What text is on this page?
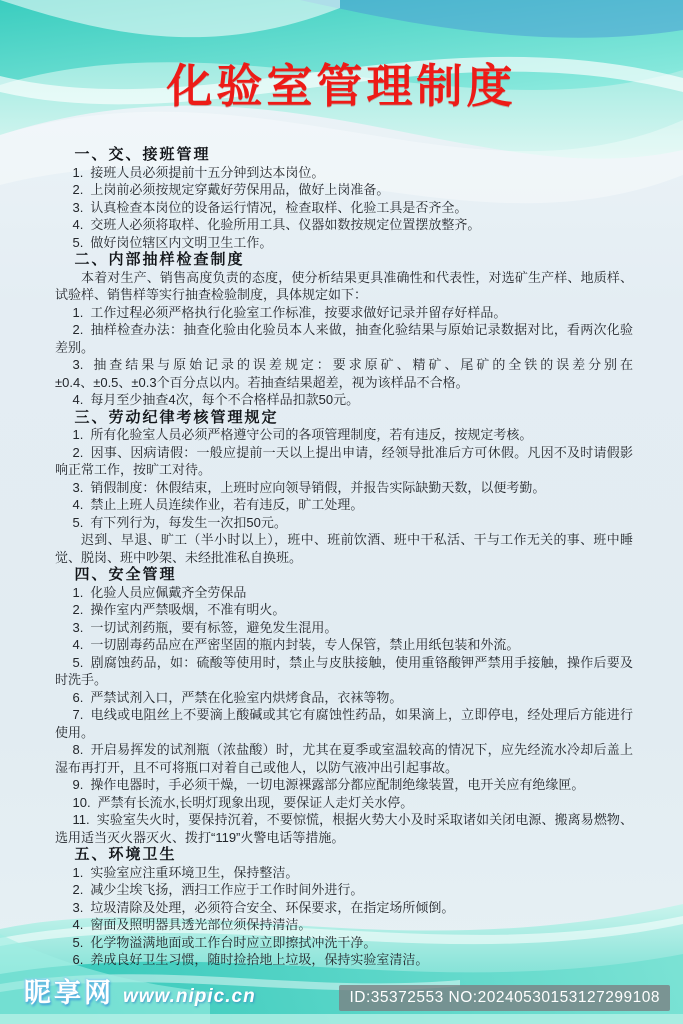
化验室管理制度
一、交、接班管理

1. 接班人员必须提前十五分钟到达本岗位。

2. 上岗前必须按规定穿戴好劳保用品，做好上岗准备。

3. 认真检查本岗位的设备运行情况，检查取样、化验工具是否齐全。

4. 交班人必须将取样、化验所用工具、仪器如数按规定位置摆放整齐。

5. 做好岗位辖区内文明卫生工作。

二、内部抽样检查制度

本着对生产、销售高度负责的态度，使分析结果更具准确性和代表性，对选矿生产样、地质样、试验样、销售样等实行抽查检验制度，具体规定如下：

1. 工作过程必须严格执行化验室工作标准，按要求做好记录并留存好样品。

2. 抽样检查办法：抽查化验由化验员本人来做，抽查化验结果与原始记录数据对比，看两次化验差别。

3. 抽查结果与原始记录的误差规定：要求原矿、精矿、尾矿的全铁的误差分别在±0.4、±0.5、±0.3个百分点以内。若抽查结果超差，视为该样品不合格。

4. 每月至少抽查4次，每个不合格样品扣款50元。

三、劳动纪律考核管理规定

1. 所有化验室人员必须严格遵守公司的各项管理制度，若有违反，按规定考核。

2. 因事、因病请假：一般应提前一天以上提出申请，经领导批准后方可休假。凡因不及时请假影响正常工作，按旷工对待。

3. 销假制度：休假结束，上班时应向领导销假，并报告实际缺勤天数，以便考勤。

4. 禁止上班人员连续作业，若有违反，旷工处理。

5. 有下列行为，每发生一次扣50元。

迟到、早退、旷工（半小时以上），班中、班前饮酒、班中干私活、干与工作无关的事、班中睡觉、脱岗、班中吵架、未经批准私自换班。

四、安全管理

1. 化验人员应佩戴齐全劳保品

2. 操作室内严禁吸烟，不准有明火。

3. 一切试剂药瓶，要有标签，避免发生混用。

4. 一切剧毒药品应在严密坚固的瓶内封装，专人保管，禁止用纸包装和外流。

5. 剧腐蚀药品，如：硫酸等使用时，禁止与皮肤接触，使用重铬酸钾严禁用手接触，操作后要及时洗手。

6. 严禁试剂入口，严禁在化验室内烘烤食品，衣袜等物。

7. 电线或电阻丝上不要滴上酸碱或其它有腐蚀性药品，如果滴上，立即停电，经处理后方能进行使用。

8. 开启易挥发的试剂瓶（浓盐酸）时，尤其在夏季或室温较高的情况下，应先经流水冷却后盖上湿布再打开，且不可将瓶口对着自己或他人，以防气液冲出引起事故。

9. 操作电器时，手必须干燥，一切电源裸露部分都应配制绝缘装置，电开关应有绝缘匣。

10. 严禁有长流水,长明灯现象出现，要保证人走灯关水停。

11. 实验室失火时，要保持沉着，不要惊慌，根据火势大小及时采取诸如关闭电源、搬离易燃物、选用适当灭火器灭火、拨打“119”火警电话等措施。

五、环境卫生

1. 实验室应注重环境卫生，保持整洁。

2. 减少尘埃飞扬，洒扫工作应于工作时间外进行。

3. 垃圾清除及处理，必须符合安全、环保要求，在指定场所倾倒。

4. 窗面及照明器具透光部位须保持清洁。

5. 化学物溢满地面或工作台时应立即擦拭冲洗干净。

6. 养成良好卫生习惯，随时捡拾地上垃圾，保持实验室清洁。

昵享网 www.nipic.cn	ID:35372553 NO:20240530153127299108
